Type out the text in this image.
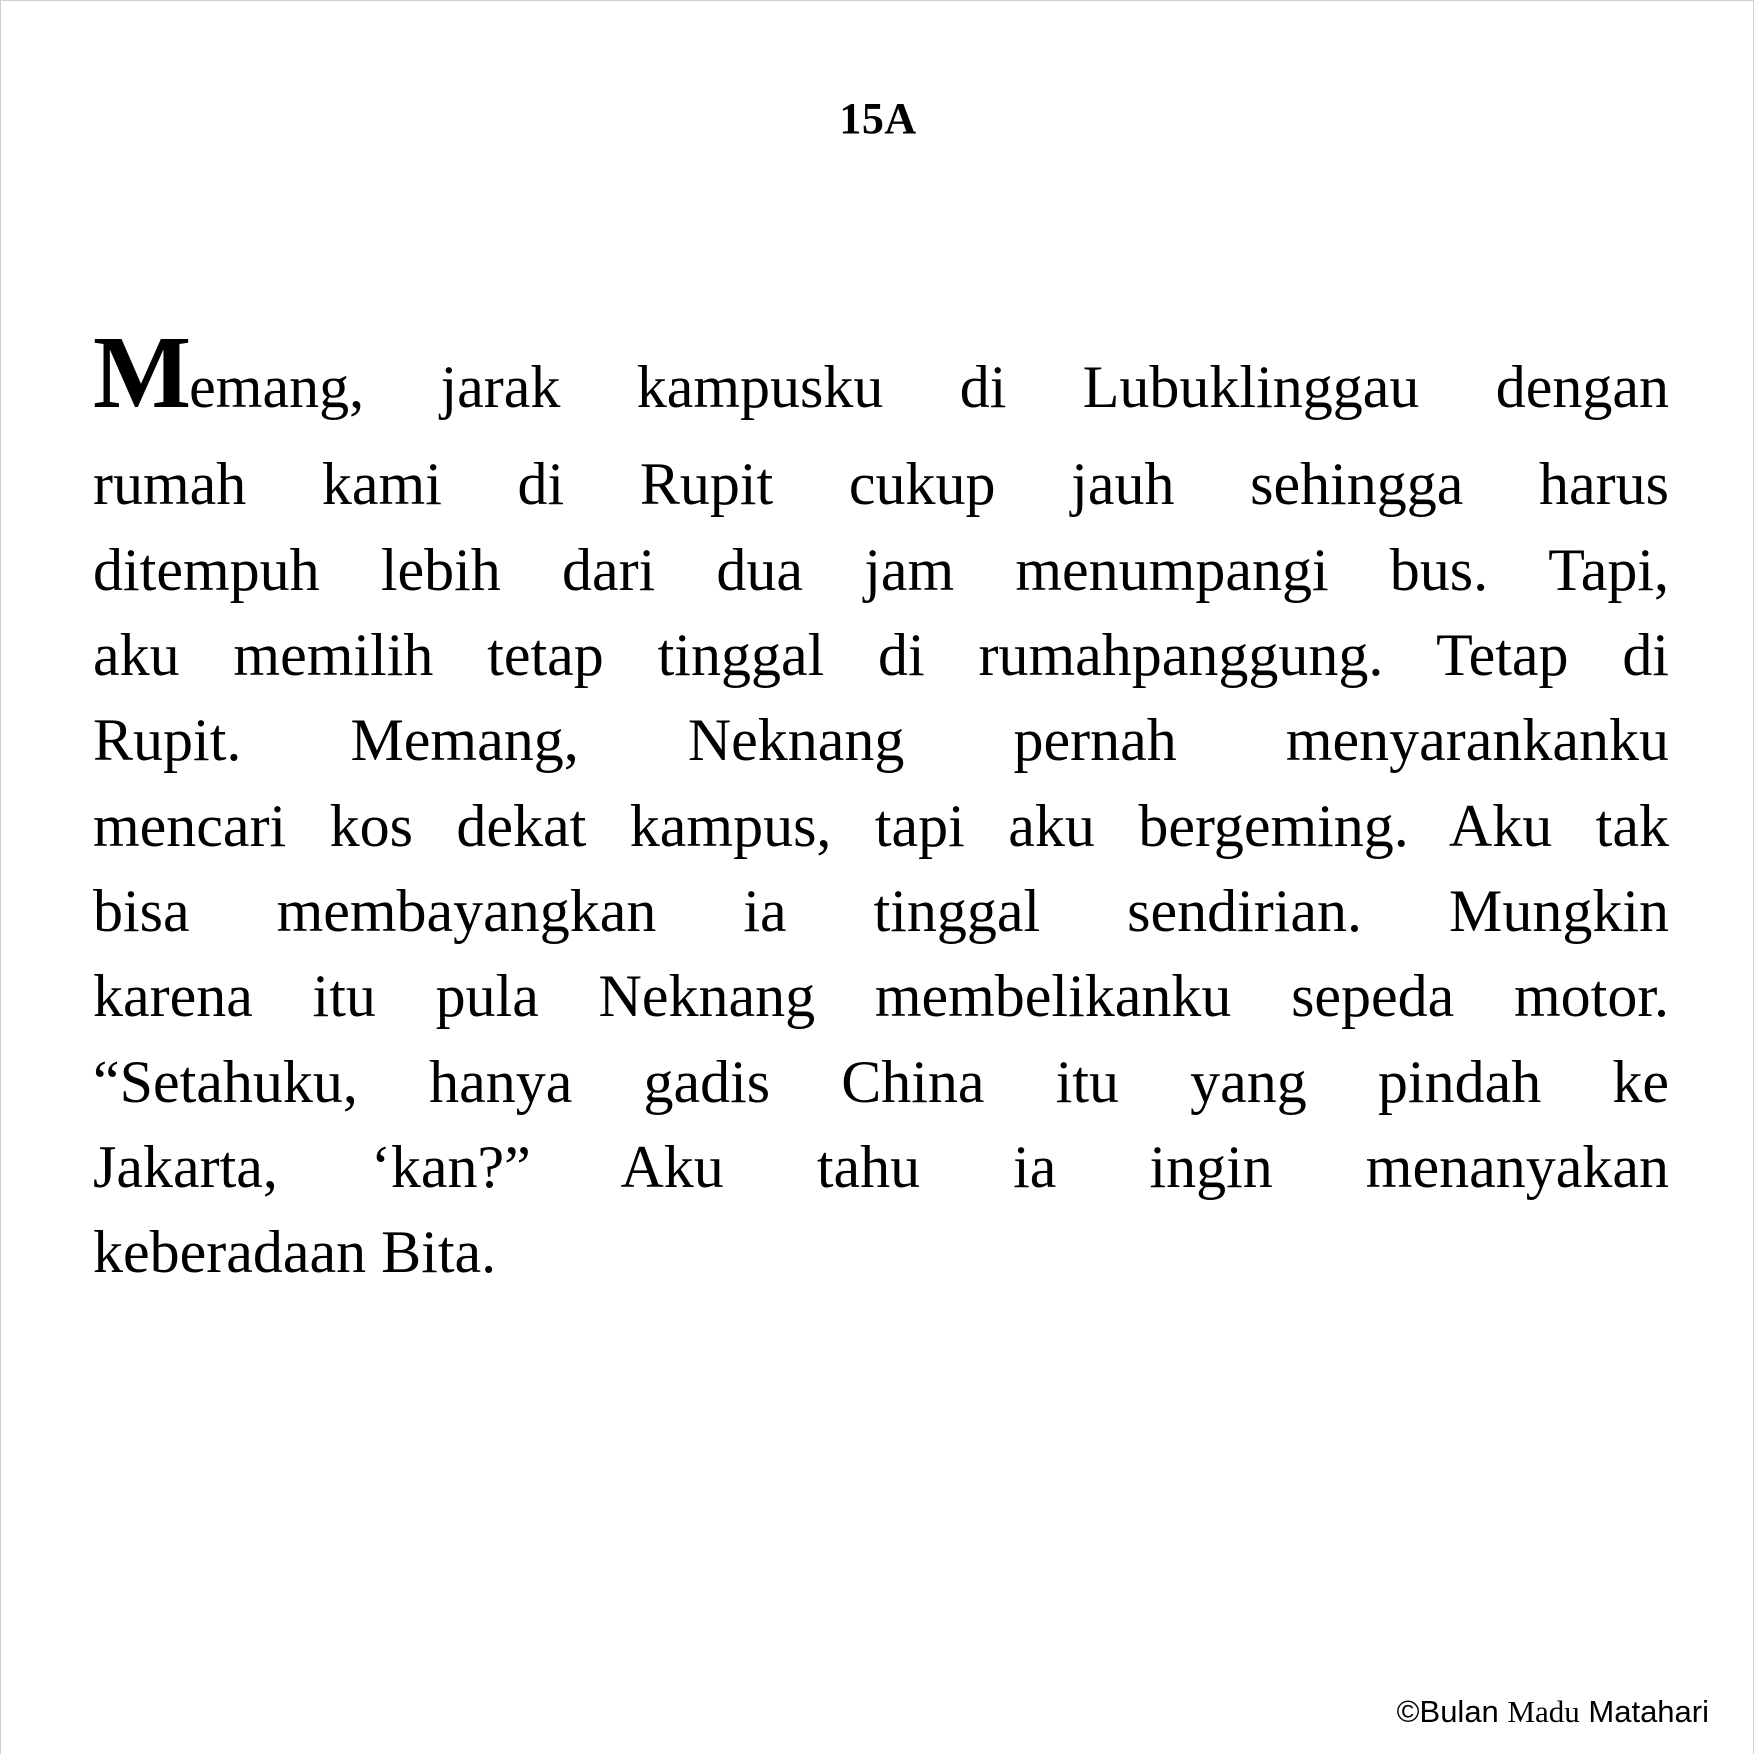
15A
Memang, jarak kampusku di Lubuklinggau dengan
rumah kami di Rupit cukup jauh sehingga harus
ditempuh lebih dari dua jam menumpangi bus. Tapi,
aku memilih tetap tinggal di rumahpanggung. Tetap di
Rupit. Memang, Neknang pernah menyarankanku
mencari kos dekat kampus, tapi aku bergeming. Aku tak
bisa membayangkan ia tinggal sendirian. Mungkin
karena itu pula Neknang membelikanku sepeda motor.
“Setahuku, hanya gadis China itu yang pindah ke
Jakarta, ‘kan?” Aku tahu ia ingin menanyakan
keberadaan Bita.
©Bulan Madu Matahari
